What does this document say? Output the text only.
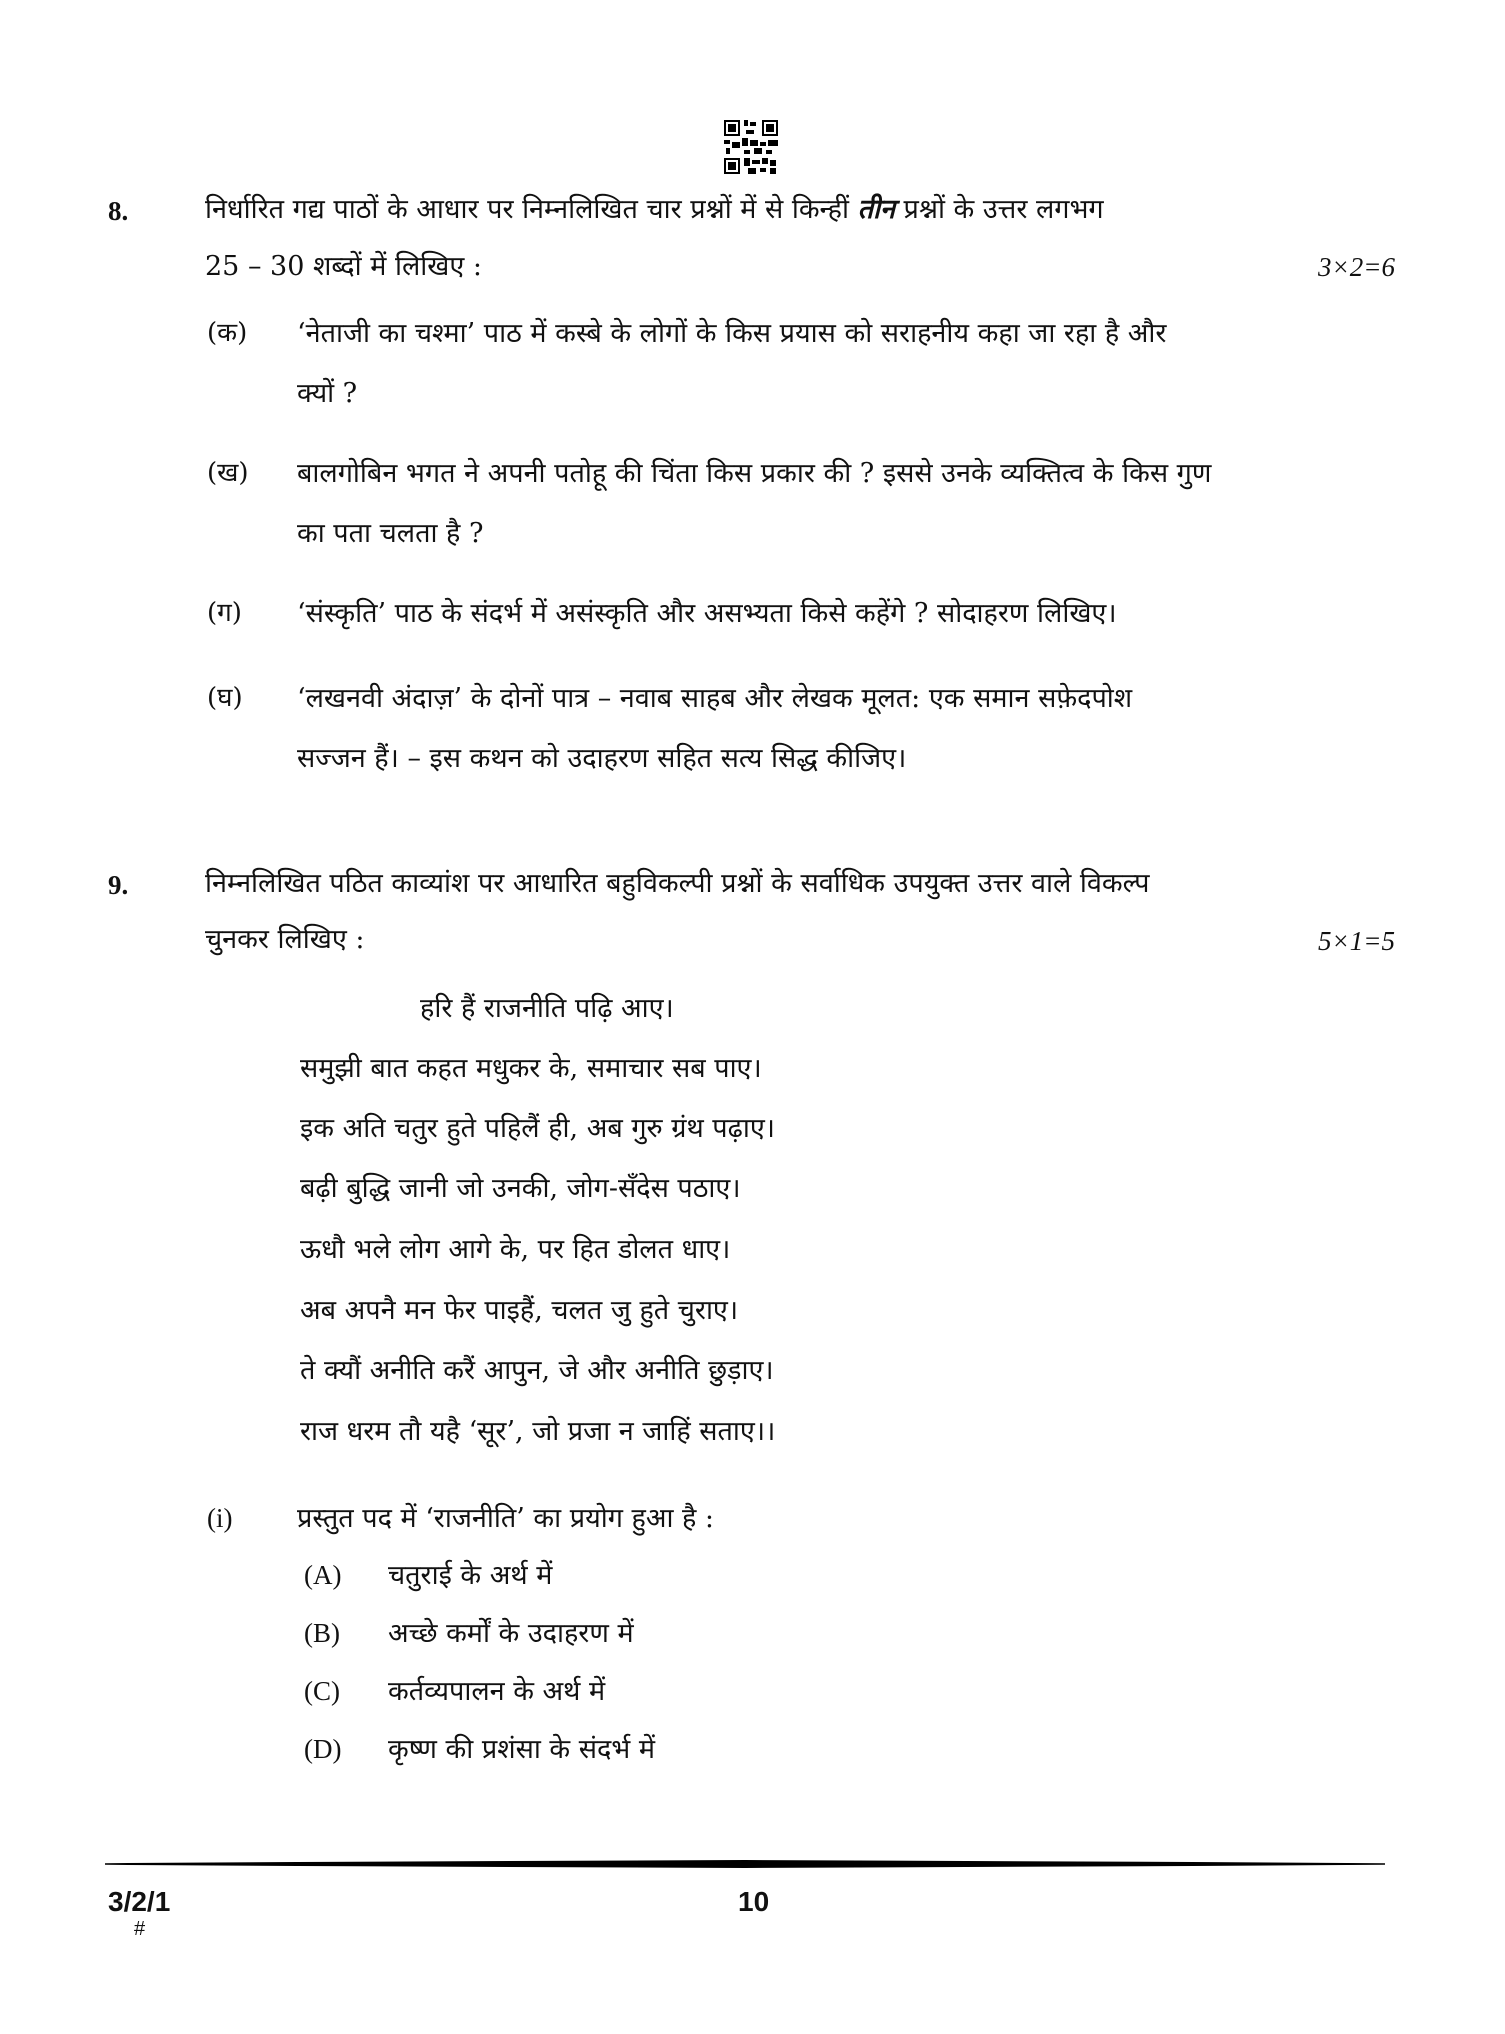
8.	निर्धारित गद्य पाठों के आधार पर निम्नलिखित चार प्रश्नों में से किन्हीं तीन प्रश्नों के उत्तर लगभग
25 – 30 शब्दों में लिखिए :	3×2=6
(क) ‘नेताजी का चश्मा’ पाठ में कस्बे के लोगों के किस प्रयास को सराहनीय कहा जा रहा है और
क्यों ?
(ख) बालगोबिन भगत ने अपनी पतोहू की चिंता किस प्रकार की ? इससे उनके व्यक्तित्व के किस गुण
का पता चलता है ?
(ग) ‘संस्कृति’ पाठ के संदर्भ में असंस्कृति और असभ्यता किसे कहेंगे ? सोदाहरण लिखिए।
(घ) ‘लखनवी अंदाज़’ के दोनों पात्र – नवाब साहब और लेखक मूलत: एक समान सफ़ेदपोश
सज्जन हैं। – इस कथन को उदाहरण सहित सत्य सिद्ध कीजिए।
9.	निम्नलिखित पठित काव्यांश पर आधारित बहुविकल्पी प्रश्नों के सर्वाधिक उपयुक्त उत्तर वाले विकल्प
चुनकर लिखिए :	5×1=5
हरि हैं राजनीति पढ़ि आए।
समुझी बात कहत मधुकर के, समाचार सब पाए।
इक अति चतुर हुते पहिलैं ही, अब गुरु ग्रंथ पढ़ाए।
बढ़ी बुद्धि जानी जो उनकी, जोग-सँदेस पठाए।
ऊधौ भले लोग आगे के, पर हित डोलत धाए।
अब अपनै मन फेर पाइहैं, चलत जु हुते चुराए।
ते क्यौं अनीति करैं आपुन, जे और अनीति छुड़ाए।
राज धरम तौ यहै ‘सूर’, जो प्रजा न जाहिं सताए।।
(i) प्रस्तुत पद में ‘राजनीति’ का प्रयोग हुआ है :
(A) चतुराई के अर्थ में
(B) अच्छे कर्मों के उदाहरण में
(C) कर्तव्यपालन के अर्थ में
(D) कृष्ण की प्रशंसा के संदर्भ में
3/2/1
#
10
